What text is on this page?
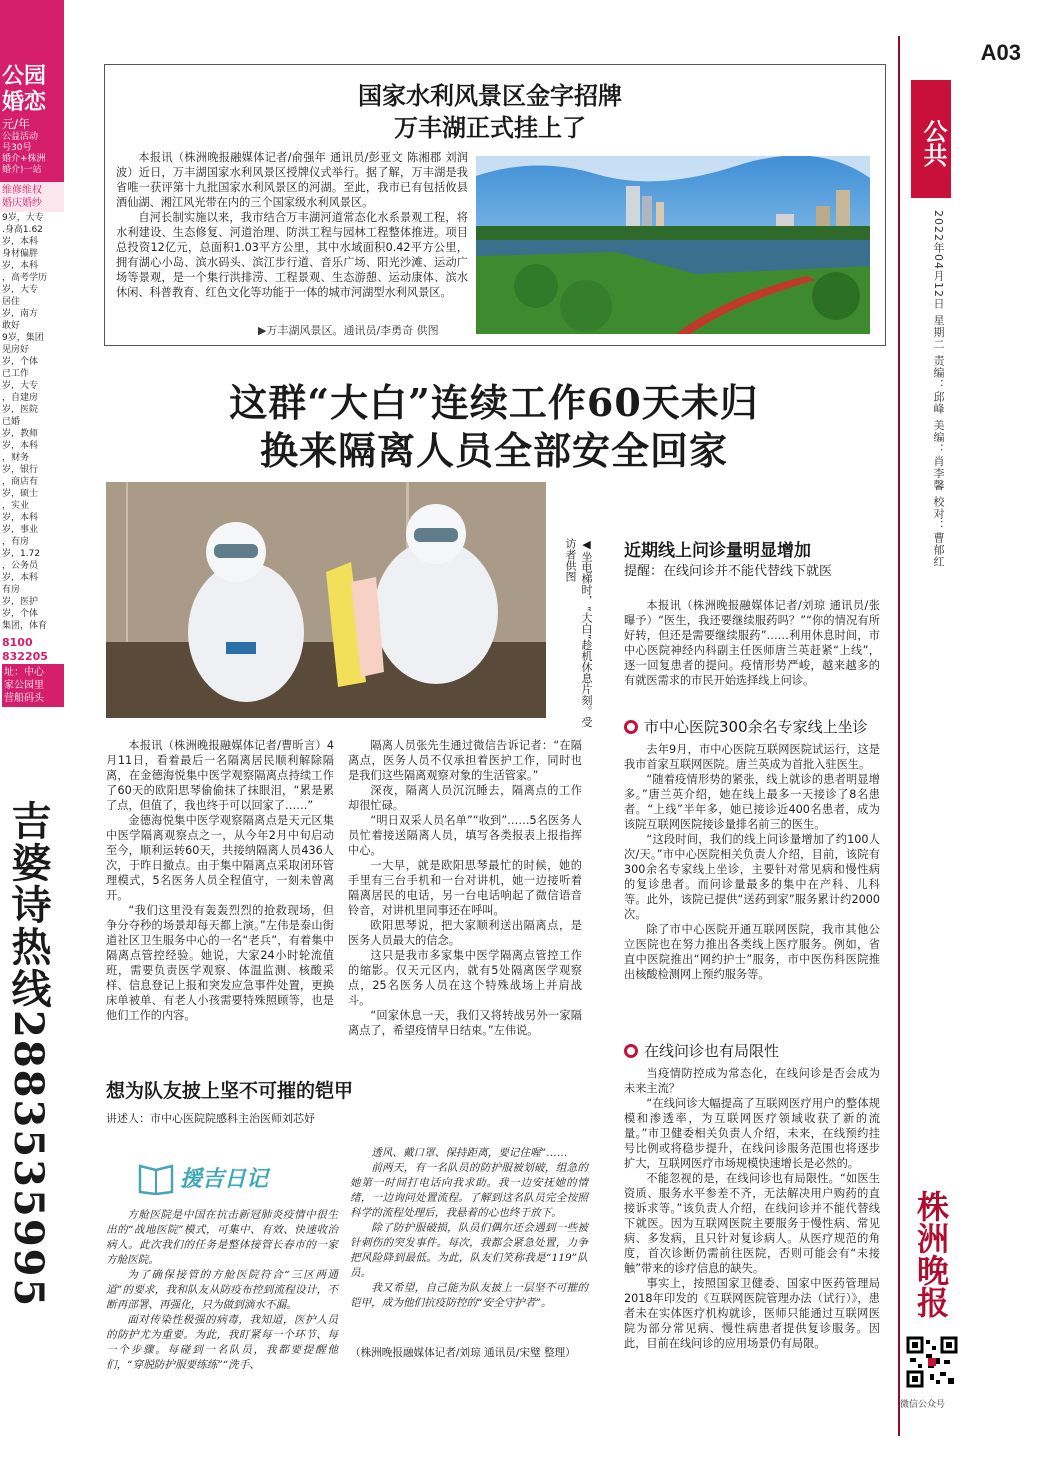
公园
婚恋
元/年
公益活动
号30号
婚介+株洲
婚介)一站
维修维权
婚庆婚纱
9岁，大专
.身高1.62
岁，本科
身材偏胖
岁，本科
，高考学历
岁，大专
居住
岁，南方
敢好
9岁，集团
见房好
岁，个体
已工作
岁，大专
，自建房
岁，医院
已婚
岁，教师
岁，本科
，财务
岁，银行
，商店有
岁，硕士
，实业
岁，本科
岁，事业
，有房
岁，1.72
，公务员
岁，本科
有房
岁，医护
岁，个体
集团，体育
8100
832205
址：中心
家公园里
营船码头
吉婆诗热线2883535995
A03
公共
2022年04月12日 星期二 责编：邱峰 美编：肖李馨 校对：曹郁红
株洲晚报
微信公众号
国家水利风景区金字招牌
万丰湖正式挂上了

本报讯（株洲晚报融媒体记者/俞强年 通讯员/彭亚文 陈湘郡 刘润波）近日，万丰湖国家水利风景区授牌仪式举行。据了解，万丰湖是我省唯一获评第十九批国家水利风景区的河湖。至此，我市已有包括攸县酒仙湖、湘江风光带在内的三个国家级水利风景区。

自河长制实施以来，我市结合万丰湖河道常态化水系景观工程，将水利建设、生态修复、河道治理、防洪工程与园林工程整体推进。项目总投资12亿元，总面积1.03平方公里，其中水域面积0.42平方公里，拥有湖心小岛、滨水码头、滨江步行道、音乐广场、阳光沙滩、运动广场等景观，是一个集行洪排涝、工程景观、生态游憩、运动康体、滨水休闲、科普教育、红色文化等功能于一体的城市河湖型水利风景区。

▶万丰湖风景区。通讯员/李勇奇 供图
这群“大白”连续工作60天未归
换来隔离人员全部安全回家
◀坐电梯时，“大白”趁机休息片刻。受访者供图

本报讯（株洲晚报融媒体记者/曹昕言）4月11日，看着最后一名隔离居民顺利解除隔离，在金德海悦集中医学观察隔离点持续工作了60天的欧阳思琴偷偷抹了抹眼泪，“累是累了点，但值了，我也终于可以回家了……”

金德海悦集中医学观察隔离点是天元区集中医学隔离观察点之一，从今年2月中旬启动至今，顺利运转60天，共接纳隔离人员436人次，于昨日撤点。由于集中隔离点采取闭环管理模式，5名医务人员全程值守，一刻未曾离开。

“我们这里没有轰轰烈烈的抢救现场，但争分夺秒的场景却每天都上演。”左伟是泰山街道社区卫生服务中心的一名“老兵”，有着集中隔离点管控经验。她说，大家24小时轮流值班，需要负责医学观察、体温监测、核酸采样、信息登记上报和突发应急事件处置，更换床单被单、有老人小孩需要特殊照顾等，也是他们工作的内容。

隔离人员张先生通过微信告诉记者：“在隔离点，医务人员不仅承担着医护工作，同时也是我们这些隔离观察对象的生活管家。”

深夜，隔离人员沉沉睡去，隔离点的工作却很忙碌。

“明日双采人员名单”“收到”……5名医务人员忙着接送隔离人员，填写各类报表上报指挥中心。

一大早，就是欧阳思琴最忙的时候，她的手里有三台手机和一台对讲机，她一边接听着隔离居民的电话，另一台电话响起了微信语音铃音，对讲机里同事还在呼叫。

欧阳思琴说，把大家顺利送出隔离点，是医务人员最大的信念。

这只是我市多家集中医学隔离点管控工作的缩影。仅天元区内，就有5处隔离医学观察点，25名医务人员在这个特殊战场上并肩战斗。

“回家休息一天，我们又将转战另外一家隔离点了，希望疫情早日结束。”左伟说。

近期线上问诊量明显增加
提醒：在线问诊并不能代替线下就医

本报讯（株洲晚报融媒体记者/刘琼 通讯员/张曝予）“医生，我还要继续服药吗？”“你的情况有所好转，但还是需要继续服药”……利用休息时间，市中心医院神经内科副主任医师唐兰英赶紧“上线”，逐一回复患者的提问。疫情形势严峻，越来越多的有就医需求的市民开始选择线上问诊。

市中心医院300余名专家线上坐诊

去年9月，市中心医院互联网医院试运行，这是我市首家互联网医院。唐兰英成为首批入驻医生。

“随着疫情形势的紧张，线上就诊的患者明显增多。”唐兰英介绍，她在线上最多一天接诊了8名患者。“上线”半年多，她已接诊近400名患者，成为该院互联网医院接诊量排名前三的医生。

“这段时间，我们的线上问诊量增加了约100人次/天。”市中心医院相关负责人介绍，目前，该院有300余名专家线上坐诊，主要针对常见病和慢性病的复诊患者。而问诊量最多的集中在产科、儿科等。此外，该院已提供“送药到家”服务累计约2000次。

除了市中心医院开通互联网医院，我市其他公立医院也在努力推出各类线上医疗服务。例如，省直中医院推出“网约护士”服务，市中医伤科医院推出核酸检测网上预约服务等。

在线问诊也有局限性

当疫情防控成为常态化，在线问诊是否会成为未来主流？

“在线问诊大幅提高了互联网医疗用户的整体规模和渗透率，为互联网医疗领域收获了新的流量。”市卫健委相关负责人介绍，未来，在线预约挂号比例或将稳步提升，在线问诊服务范围也将逐步扩大，互联网医疗市场规模快速增长是必然的。

不能忽视的是，在线问诊也有局限性。“如医生资质、服务水平参差不齐，无法解决用户购药的直接诉求等。”该负责人介绍，在线问诊并不能代替线下就医。因为互联网医院主要服务于慢性病、常见病、多发病，且只针对复诊病人。从医疗规范的角度，首次诊断仍需前往医院，否则可能会有“未接触”带来的诊疗信息的缺失。

事实上，按照国家卫健委、国家中医药管理局2018年印发的《互联网医院管理办法（试行）》，患者未在实体医疗机构就诊，医师只能通过互联网医院为部分常见病、慢性病患者提供复诊服务。因此，目前在线问诊的应用场景仍有局限。

想为队友披上坚不可摧的铠甲
讲述人：市中心医院院感科主治医师刘芯妤
援吉日记

方舱医院是中国在抗击新冠肺炎疫情中很生出的“战地医院”模式，可集中、有效、快速收治病人。此次我们的任务是整体接管长春市的一家方舱医院。

为了确保接管的方舱医院符合“三区两通道”的要求，我和队友从防疫布控到流程设计，不断再部署、再强化，只为做到滴水不漏。

面对传染性极强的病毒，我知道，医护人员的防护尤为重要。为此，我盯紧每一个环节、每一个步骤。每碰到一名队员，我都要提醒他们，“穿脱防护服要练练”“洗手、

透风、戴口罩、保持距离，要记住喔”……

前两天，有一名队员的防护服被划破，组急的她第一时间打电话向我求助。我一边安抚她的情绪，一边询问处置流程。了解到这名队员完全按照科学的流程处理后，我悬着的心也终于放下。

除了防护服破损，队员们偶尔还会遇到一些被针刺伤的突发事件。每次，我都会紧急处置，力争把风险降到最低。为此，队友们笑称我是“119”队员。

我又希望，自己能为队友披上一层坚不可摧的铠甲，成为他们抗疫防控的“安全守护者”。

（株洲晚报融媒体记者/刘琼 通讯员/宋璧 整理）
